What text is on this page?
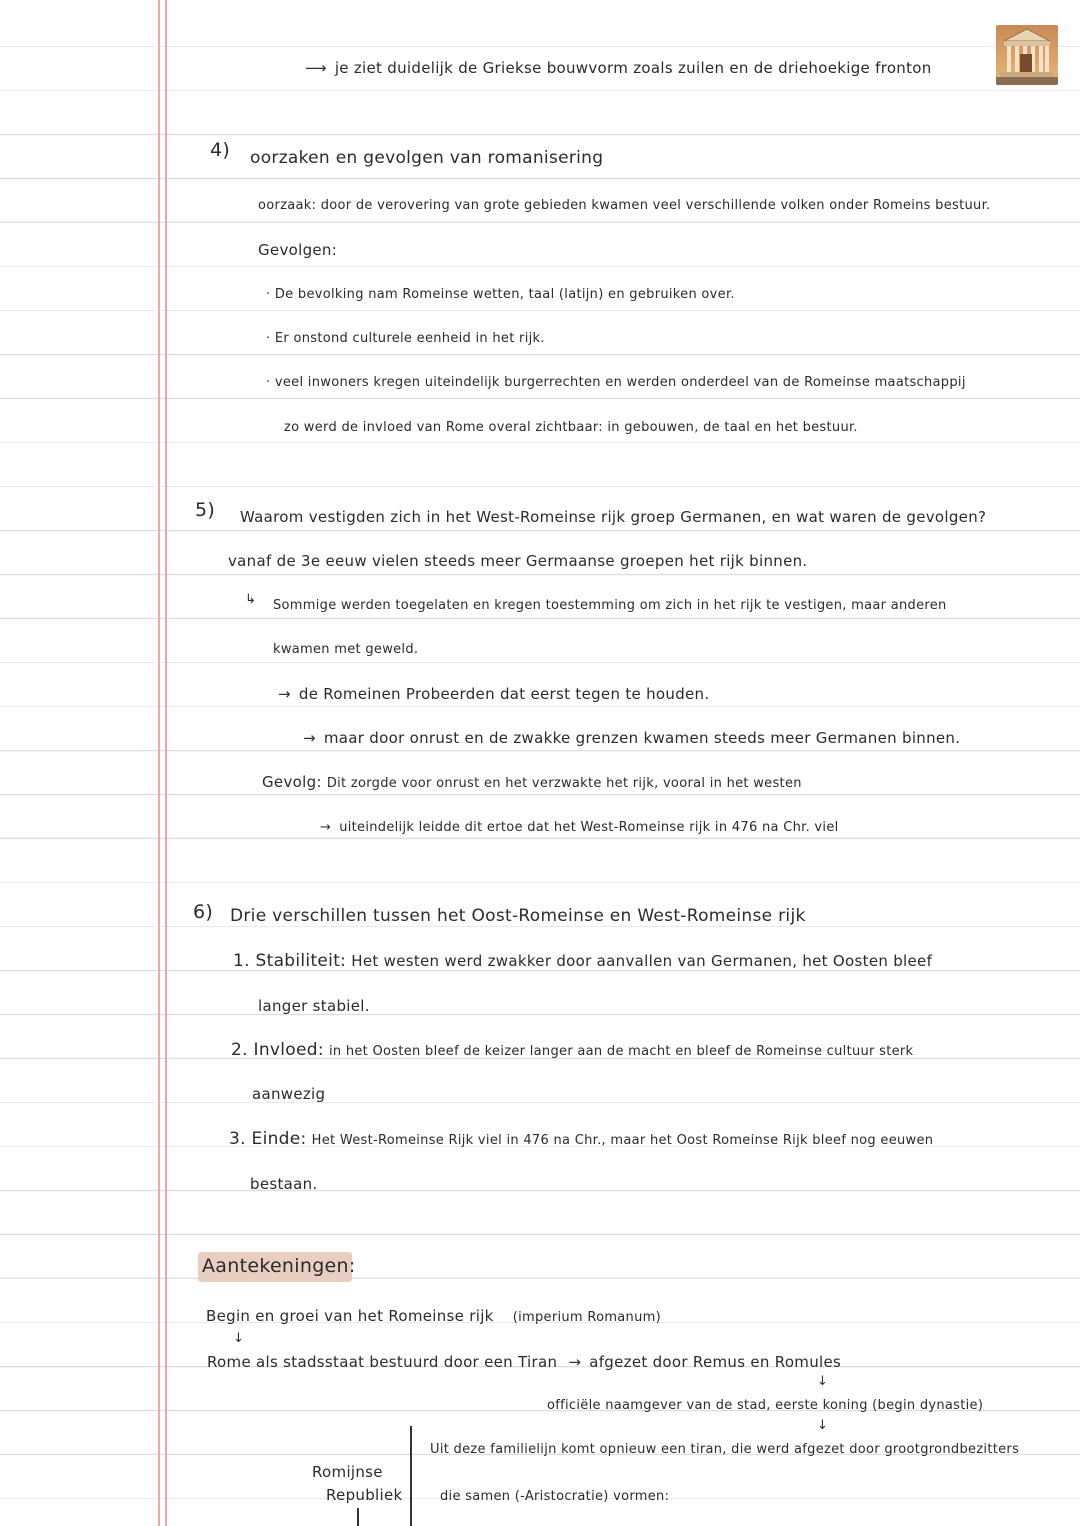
⟶ je ziet duidelijk de Griekse bouwvorm zoals zuilen en de driehoekige fronton
4) oorzaken en gevolgen van romanisering
oorzaak: door de verovering van grote gebieden kwamen veel verschillende volken onder Romeins bestuur.
Gevolgen:
· De bevolking nam Romeinse wetten, taal (latijn) en gebruiken over.
· Er onstond culturele eenheid in het rijk.
· veel inwoners kregen uiteindelijk burgerrechten en werden onderdeel van de Romeinse maatschappij
zo werd de invloed van Rome overal zichtbaar: in gebouwen, de taal en het bestuur.
5) Waarom vestigden zich in het West-Romeinse rijk groep Germanen, en wat waren de gevolgen?
vanaf de 3e eeuw vielen steeds meer Germaanse groepen het rijk binnen.
↳ Sommige werden toegelaten en kregen toestemming om zich in het rijk te vestigen, maar anderen
kwamen met geweld.
→ de Romeinen Probeerden dat eerst tegen te houden.
→ maar door onrust en de zwakke grenzen kwamen steeds meer Germanen binnen.
Gevolg: Dit zorgde voor onrust en het verzwakte het rijk, vooral in het westen
→ uiteindelijk leidde dit ertoe dat het West-Romeinse rijk in 476 na Chr. viel
6) Drie verschillen tussen het Oost-Romeinse en West-Romeinse rijk
1. Stabiliteit: Het westen werd zwakker door aanvallen van Germanen, het Oosten bleef
langer stabiel.
2. Invloed: in het Oosten bleef de keizer langer aan de macht en bleef de Romeinse cultuur sterk
aanwezig
3. Einde: Het West-Romeinse Rijk viel in 476 na Chr., maar het Oost Romeinse Rijk bleef nog eeuwen
bestaan.
Aantekeningen:
Begin en groei van het Romeinse rijk (imperium Romanum)
↓
Rome als stadsstaat bestuurd door een Tiran → afgezet door Remus en Romules
↓
officiële naamgever van de stad, eerste koning (begin dynastie)
↓
Romijnse
Republiek
Uit deze familielijn komt opnieuw een tiran, die werd afgezet door grootgrondbezitters
die samen (-Aristocratie) vormen:
